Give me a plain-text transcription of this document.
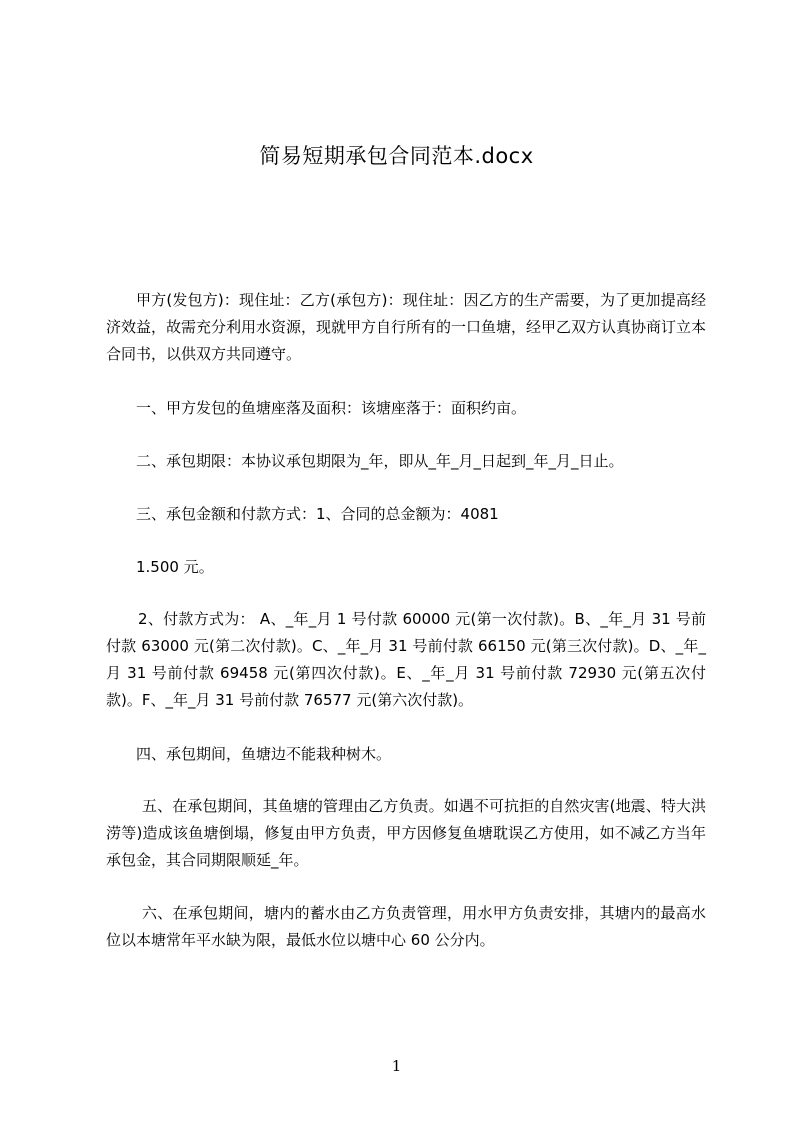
简易短期承包合同范本.docx

甲方(发包方)：现住址：乙方(承包方)：现住址：因乙方的生产需要，为了更加提高经济效益，故需充分利用水资源，现就甲方自行所有的一口鱼塘，经甲乙双方认真协商订立本合同书，以供双方共同遵守。

一、甲方发包的鱼塘座落及面积：该塘座落于：面积约亩。

二、承包期限：本协议承包期限为_年，即从_年_月_日起到_年_月_日止。

三、承包金额和付款方式：1、合同的总金额为：4081

1.500 元。

2、付款方式为： A、_年_月 1 号付款 60000 元(第一次付款)。B、_年_月 31 号前付款 63000 元(第二次付款)。C、_年_月 31 号前付款 66150 元(第三次付款)。D、_年_月 31 号前付款 69458 元(第四次付款)。E、_年_月 31 号前付款 72930 元(第五次付款)。F、_年_月 31 号前付款 76577 元(第六次付款)。

四、承包期间，鱼塘边不能栽种树木。

五、在承包期间，其鱼塘的管理由乙方负责。如遇不可抗拒的自然灾害(地震、特大洪涝等)造成该鱼塘倒塌，修复由甲方负责，甲方因修复鱼塘耽误乙方使用，如不减乙方当年承包金，其合同期限顺延_年。

六、在承包期间，塘内的蓄水由乙方负责管理，用水甲方负责安排，其塘内的最高水位以本塘常年平水缺为限，最低水位以塘中心 60 公分内。

1
